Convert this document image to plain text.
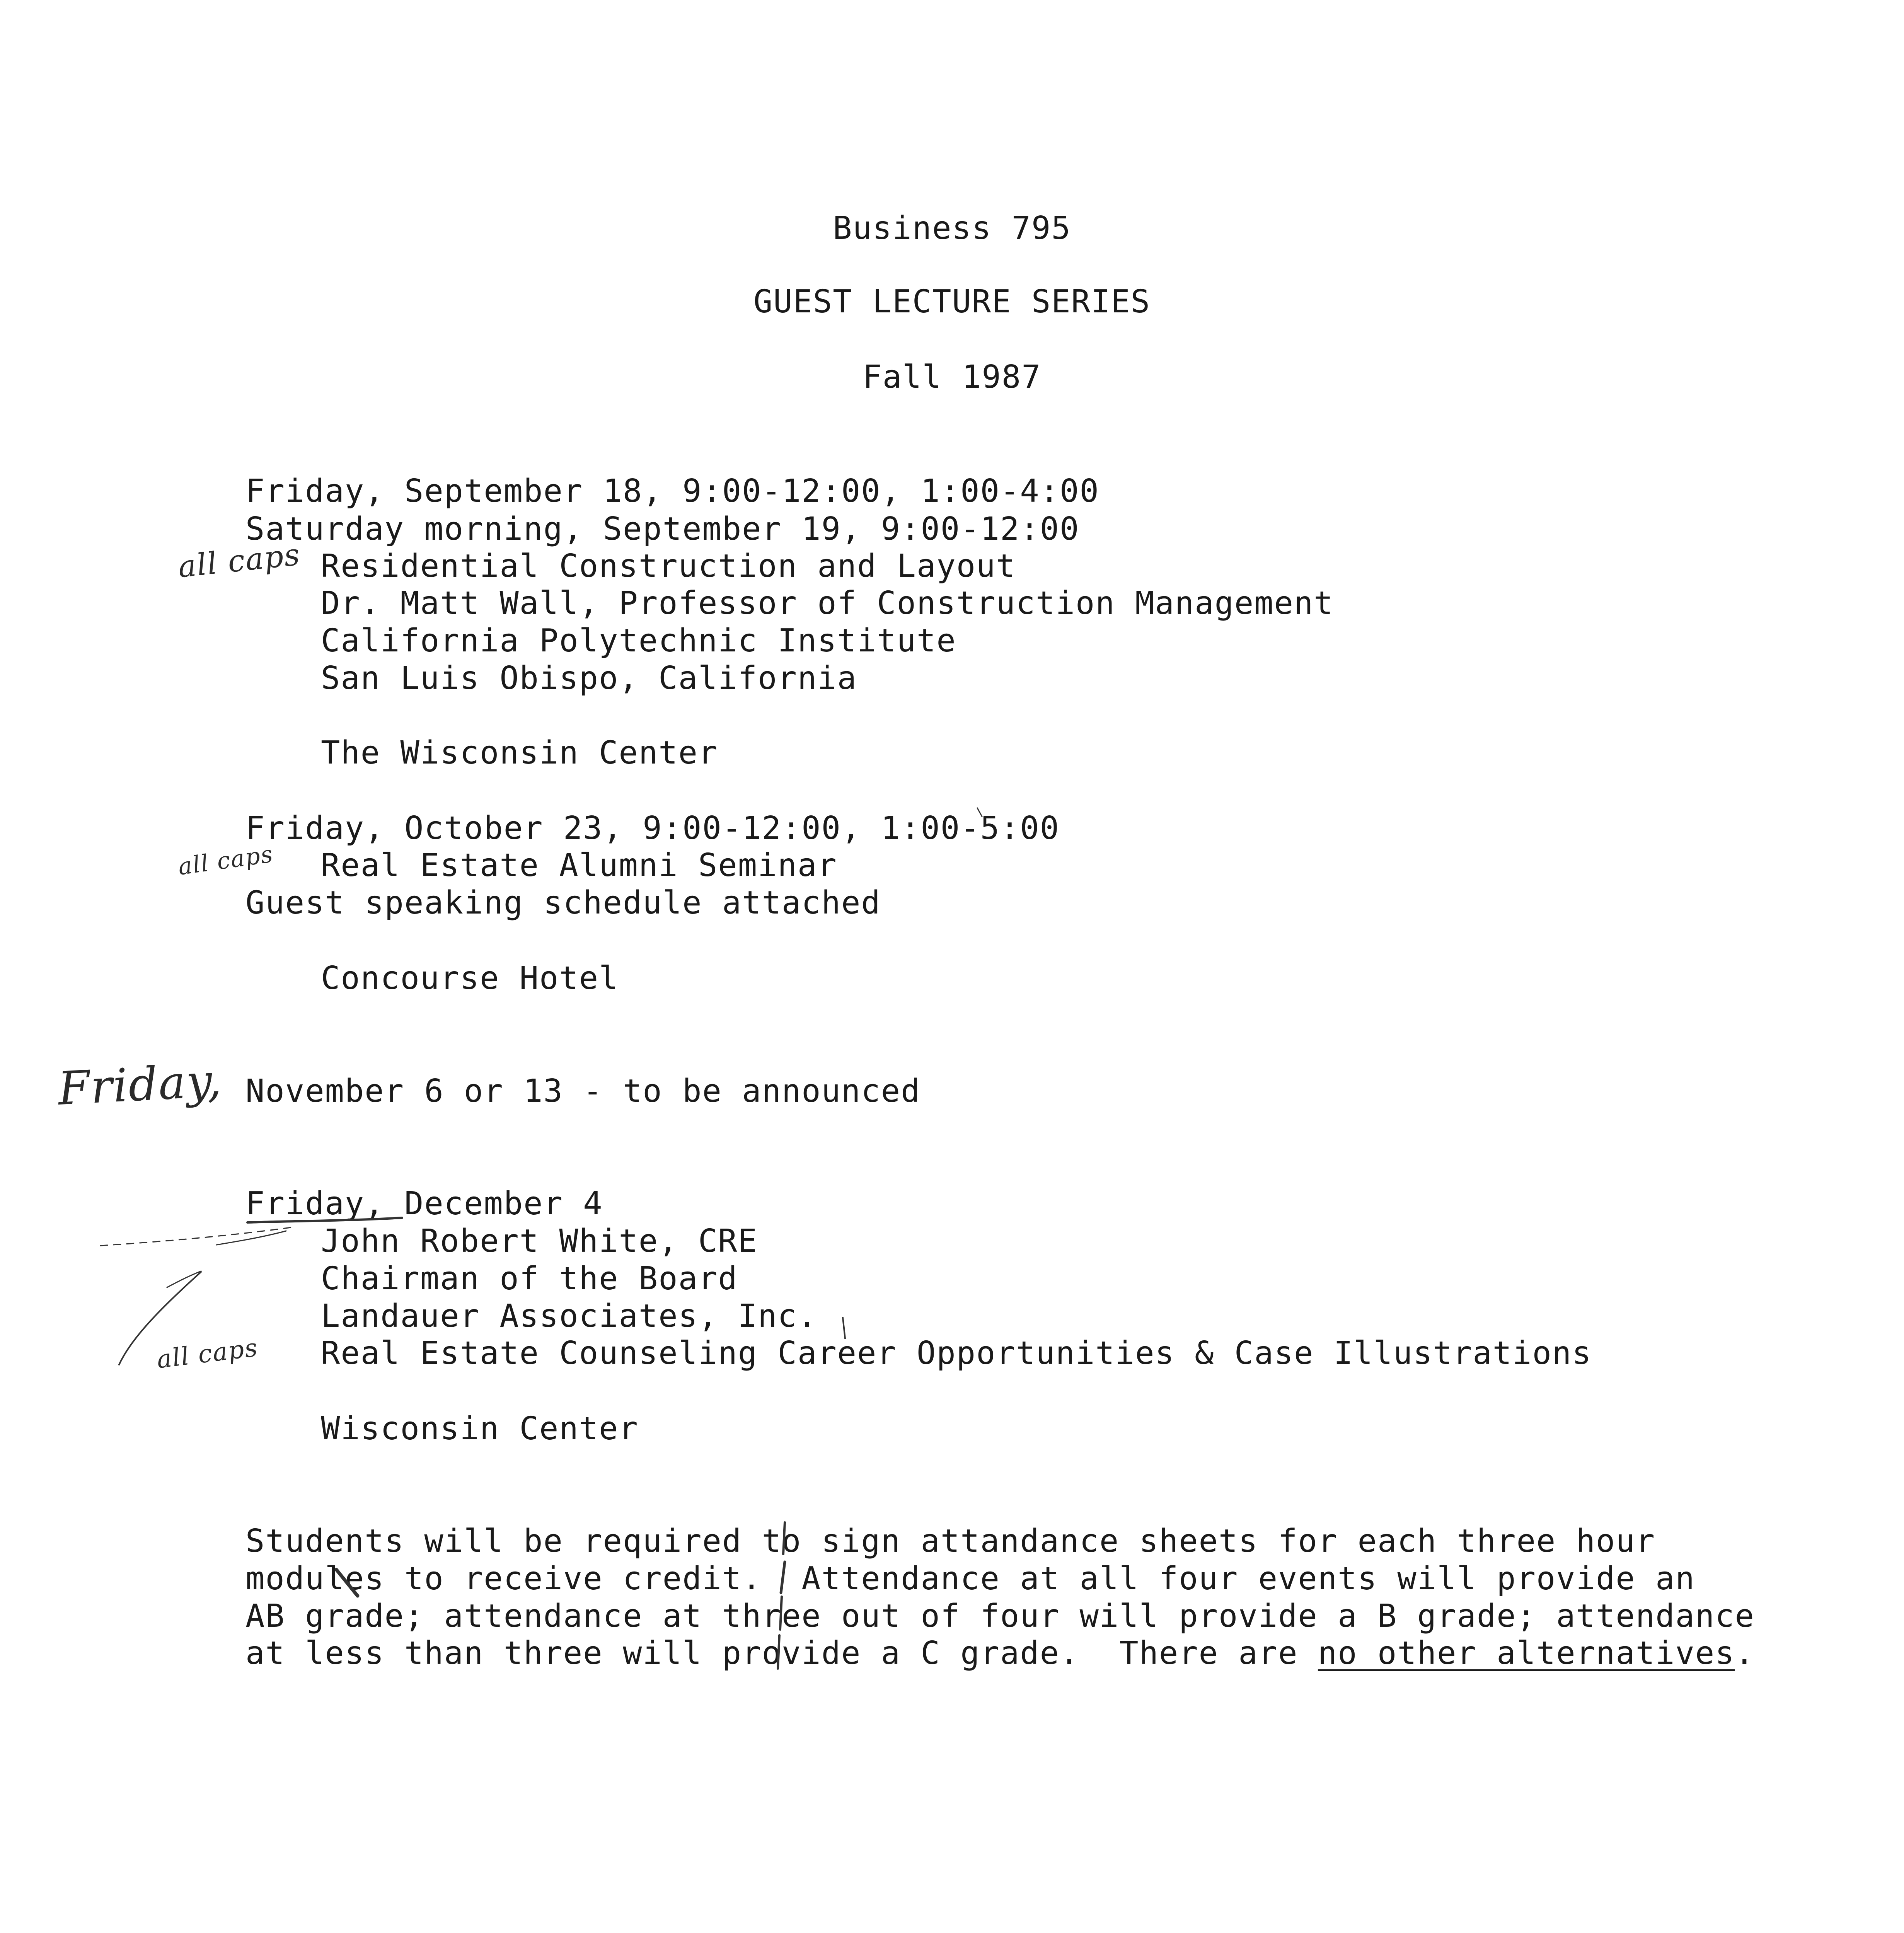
Business 795
GUEST LECTURE SERIES
Fall 1987
Friday, September 18, 9:00-12:00, 1:00-4:00
Saturday morning, September 19, 9:00-12:00
Residential Construction and Layout
Dr. Matt Wall, Professor of Construction Management
California Polytechnic Institute
San Luis Obispo, California
The Wisconsin Center
Friday, October 23, 9:00-12:00, 1:00-5:00
Real Estate Alumni Seminar
Guest speaking schedule attached
Concourse Hotel
November 6 or 13 - to be announced
Friday, December 4
John Robert White, CRE
Chairman of the Board
Landauer Associates, Inc.
Real Estate Counseling Career Opportunities & Case Illustrations
Wisconsin Center
Students will be required to sign attandance sheets for each three hour
modules to receive credit.  Attendance at all four events will provide an
AB grade; attendance at three out of four will provide a B grade; attendance
at less than three will provide a C grade.  There are no other alternatives.
all caps
all caps
Friday,
all caps
